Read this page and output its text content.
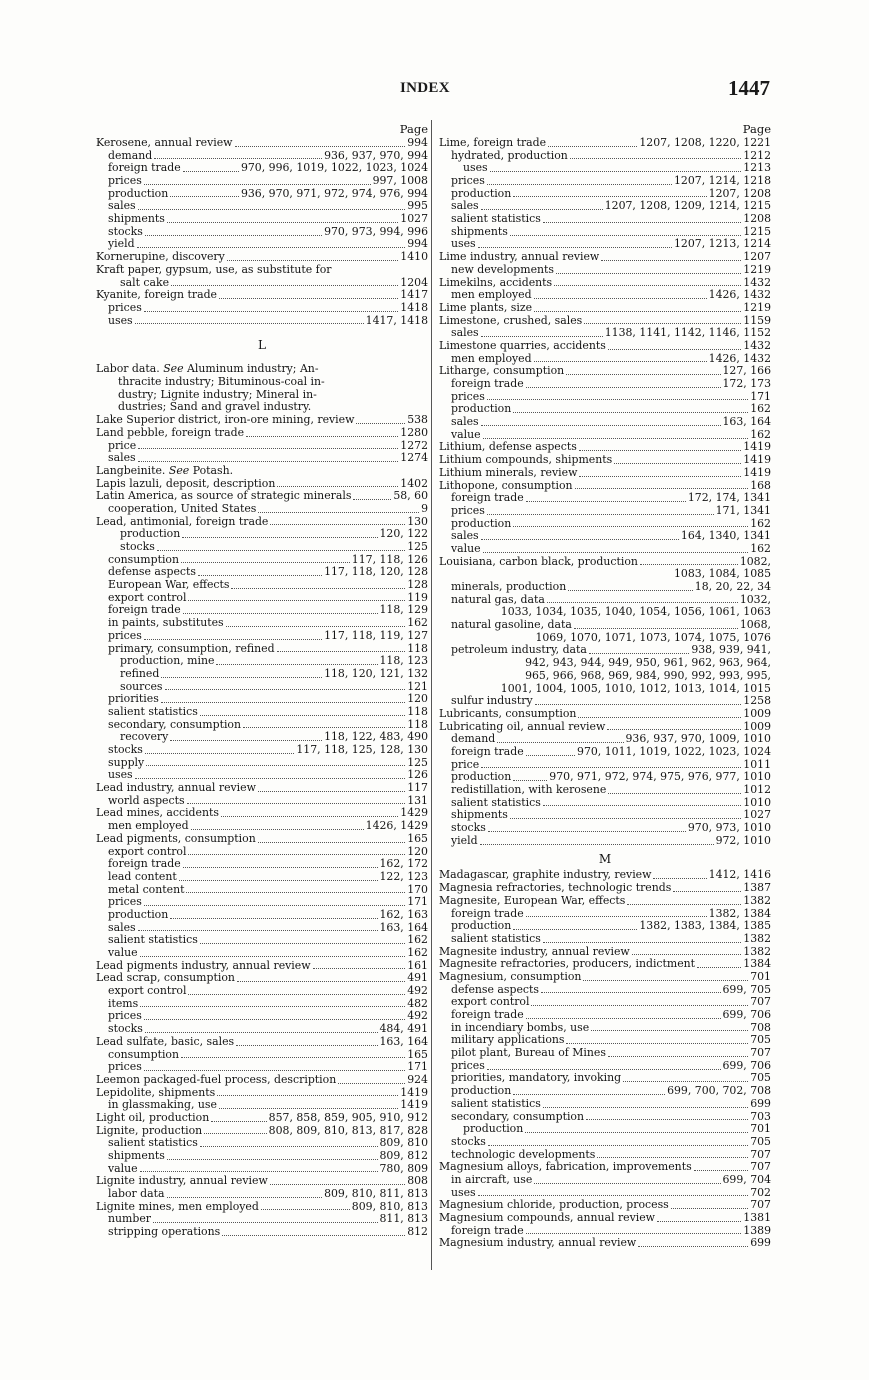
INDEX	1447
Page
Kerosene, annual review	994
demand	936, 937, 970, 994
foreign trade	970, 996, 1019, 1022, 1023, 1024
prices	997, 1008
production	936, 970, 971, 972, 974, 976, 994
sales	995
shipments	1027
stocks	970, 973, 994, 996
yield	994
Kornerupine, discovery	1410
Kraft paper, gypsum, use, as substitute for
salt cake	1204
Kyanite, foreign trade	1417
prices	1418
uses	1417, 1418
L
Labor data. See Aluminum industry; An-
thracite industry; Bituminous-coal in-
dustry; Lignite industry; Mineral in-
dustries; Sand and gravel industry.
Lake Superior district, iron-ore mining, review	538
Land pebble, foreign trade	1280
price	1272
sales	1274
Langbeinite. See Potash.
Lapis lazuli, deposit, description	1402
Latin America, as source of strategic minerals	58, 60
cooperation, United States	9
Lead, antimonial, foreign trade	130
production	120, 122
stocks	125
consumption	117, 118, 126
defense aspects	117, 118, 120, 128
European War, effects	128
export control	119
foreign trade	118, 129
in paints, substitutes	162
prices	117, 118, 119, 127
primary, consumption, refined	118
production, mine	118, 123
refined	118, 120, 121, 132
sources	121
priorities	120
salient statistics	118
secondary, consumption	118
recovery	118, 122, 483, 490
stocks	117, 118, 125, 128, 130
supply	125
uses	126
Lead industry, annual review	117
world aspects	131
Lead mines, accidents	1429
men employed	1426, 1429
Lead pigments, consumption	165
export control	120
foreign trade	162, 172
lead content	122, 123
metal content	170
prices	171
production	162, 163
sales	163, 164
salient statistics	162
value	162
Lead pigments industry, annual review	161
Lead scrap, consumption	491
export control	492
items	482
prices	492
stocks	484, 491
Lead sulfate, basic, sales	163, 164
consumption	165
prices	171
Leemon packaged-fuel process, description	924
Lepidolite, shipments	1419
in glassmaking, use	1419
Light oil, production	857, 858, 859, 905, 910, 912
Lignite, production	808, 809, 810, 813, 817, 828
salient statistics	809, 810
shipments	809, 812
value	780, 809
Lignite industry, annual review	808
labor data	809, 810, 811, 813
Lignite mines, men employed	809, 810, 813
number	811, 813
stripping operations	812
Page
Lime, foreign trade	1207, 1208, 1220, 1221
hydrated, production	1212
uses	1213
prices	1207, 1214, 1218
production	1207, 1208
sales	1207, 1208, 1209, 1214, 1215
salient statistics	1208
shipments	1215
uses	1207, 1213, 1214
Lime industry, annual review	1207
new developments	1219
Limekilns, accidents	1432
men employed	1426, 1432
Lime plants, size	1219
Limestone, crushed, sales	1159
sales	1138, 1141, 1142, 1146, 1152
Limestone quarries, accidents	1432
men employed	1426, 1432
Litharge, consumption	127, 166
foreign trade	172, 173
prices	171
production	162
sales	163, 164
value	162
Lithium, defense aspects	1419
Lithium compounds, shipments	1419
Lithium minerals, review	1419
Lithopone, consumption	168
foreign trade	172, 174, 1341
prices	171, 1341
production	162
sales	164, 1340, 1341
value	162
Louisiana, carbon black, production	1082,
1083, 1084, 1085
minerals, production	18, 20, 22, 34
natural gas, data	1032,
1033, 1034, 1035, 1040, 1054, 1056, 1061, 1063
natural gasoline, data	1068,
1069, 1070, 1071, 1073, 1074, 1075, 1076
petroleum industry, data	938, 939, 941,
942, 943, 944, 949, 950, 961, 962, 963, 964,
965, 966, 968, 969, 984, 990, 992, 993, 995,
1001, 1004, 1005, 1010, 1012, 1013, 1014, 1015
sulfur industry	1258
Lubricants, consumption	1009
Lubricating oil, annual review	1009
demand	936, 937, 970, 1009, 1010
foreign trade	970, 1011, 1019, 1022, 1023, 1024
price	1011
production	970, 971, 972, 974, 975, 976, 977, 1010
redistillation, with kerosene	1012
salient statistics	1010
shipments	1027
stocks	970, 973, 1010
yield	972, 1010
M
Madagascar, graphite industry, review	1412, 1416
Magnesia refractories, technologic trends	1387
Magnesite, European War, effects	1382
foreign trade	1382, 1384
production	1382, 1383, 1384, 1385
salient statistics	1382
Magnesite industry, annual review	1382
Magnesite refractories, producers, indictment	1384
Magnesium, consumption	701
defense aspects	699, 705
export control	707
foreign trade	699, 706
in incendiary bombs, use	708
military applications	705
pilot plant, Bureau of Mines	707
prices	699, 706
priorities, mandatory, invoking	705
production	699, 700, 702, 708
salient statistics	699
secondary, consumption	703
production	701
stocks	705
technologic developments	707
Magnesium alloys, fabrication, improvements	707
in aircraft, use	699, 704
uses	702
Magnesium chloride, production, process	707
Magnesium compounds, annual review	1381
foreign trade	1389
Magnesium industry, annual review	699
